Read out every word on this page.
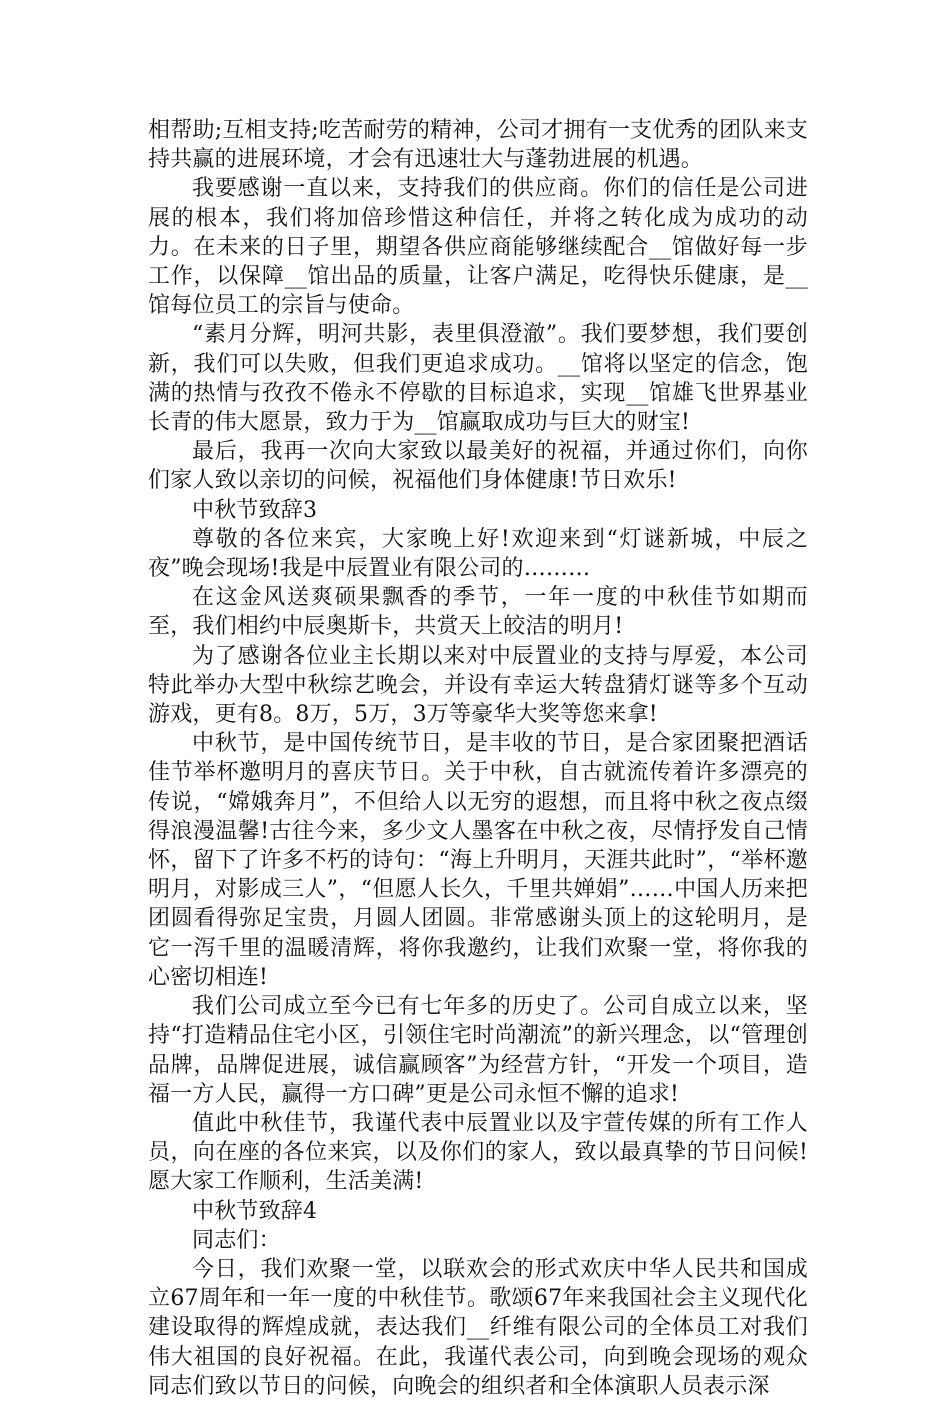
相帮助;互相支持;吃苦耐劳的精神，公司才拥有一支优秀的团队来支持共赢的进展环境，才会有迅速壮大与蓬勃进展的机遇。

我要感谢一直以来，支持我们的供应商。你们的信任是公司进展的根本，我们将加倍珍惜这种信任，并将之转化成为成功的动力。在未来的日子里，期望各供应商能够继续配合__馆做好每一步工作，以保障__馆出品的质量，让客户满足，吃得快乐健康，是__馆每位员工的宗旨与使命。

“素月分辉，明河共影，表里俱澄澈”。我们要梦想，我们要创新，我们可以失败，但我们更追求成功。__馆将以坚定的信念，饱满的热情与孜孜不倦永不停歇的目标追求，实现__馆雄飞世界基业长青的伟大愿景，致力于为__馆赢取成功与巨大的财宝!

最后，我再一次向大家致以最美好的祝福，并通过你们，向你们家人致以亲切的问候，祝福他们身体健康!节日欢乐!

中秋节致辞3

尊敬的各位来宾，大家晚上好!欢迎来到“灯谜新城，中辰之夜”晚会现场!我是中辰置业有限公司的………

在这金风送爽硕果飘香的季节，一年一度的中秋佳节如期而至，我们相约中辰奥斯卡，共赏天上皎洁的明月!

为了感谢各位业主长期以来对中辰置业的支持与厚爱，本公司特此举办大型中秋综艺晚会，并设有幸运大转盘猜灯谜等多个互动游戏，更有8。8万，5万，3万等豪华大奖等您来拿!

中秋节，是中国传统节日，是丰收的节日，是合家团聚把酒话佳节举杯邀明月的喜庆节日。关于中秋，自古就流传着许多漂亮的传说，“嫦娥奔月”，不但给人以无穷的遐想，而且将中秋之夜点缀得浪漫温馨!古往今来，多少文人墨客在中秋之夜，尽情抒发自己情怀，留下了许多不朽的诗句：“海上升明月，天涯共此时”，“举杯邀明月，对影成三人”，“但愿人长久，千里共婵娟”……中国人历来把团圆看得弥足宝贵，月圆人团圆。非常感谢头顶上的这轮明月，是它一泻千里的温暖清辉，将你我邀约，让我们欢聚一堂，将你我的心密切相连!

我们公司成立至今已有七年多的历史了。公司自成立以来，坚持“打造精品住宅小区，引领住宅时尚潮流”的新兴理念，以“管理创品牌，品牌促进展，诚信赢顾客”为经营方针，“开发一个项目，造福一方人民，赢得一方口碑”更是公司永恒不懈的追求!

值此中秋佳节，我谨代表中辰置业以及宇萱传媒的所有工作人员，向在座的各位来宾，以及你们的家人，致以最真挚的节日问候!愿大家工作顺利，生活美满!

中秋节致辞4

同志们：

今日，我们欢聚一堂，以联欢会的形式欢庆中华人民共和国成立67周年和一年一度的中秋佳节。歌颂67年来我国社会主义现代化建设取得的辉煌成就，表达我们__纤维有限公司的全体员工对我们伟大祖国的良好祝福。在此，我谨代表公司，向到晚会现场的观众同志们致以节日的问候，向晚会的组织者和全体演职人员表示深
